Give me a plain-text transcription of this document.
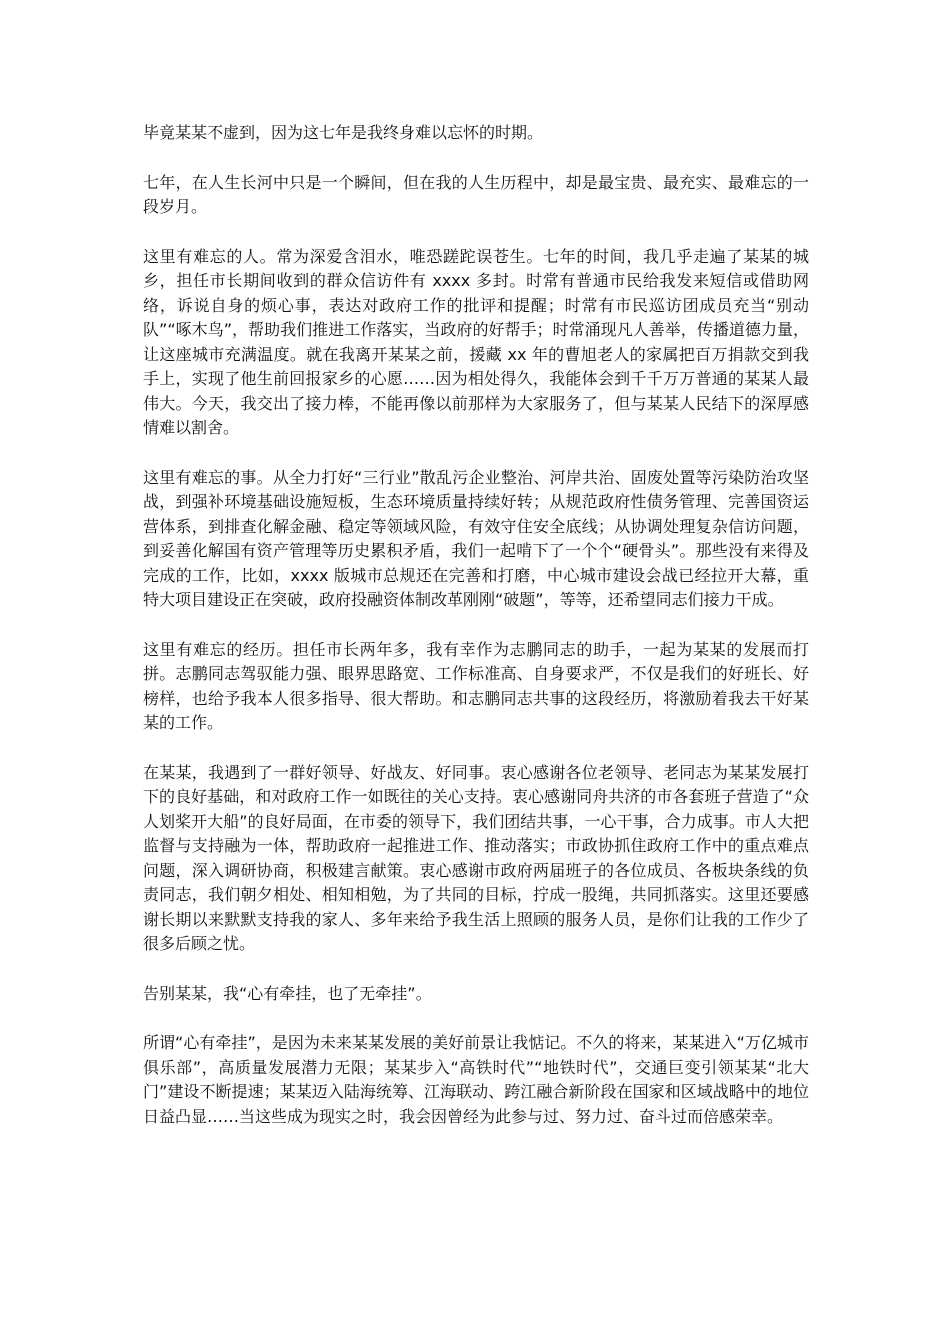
毕竟某某不虚到，因为这七年是我终身难以忘怀的时期。

七年，在人生长河中只是一个瞬间，但在我的人生历程中，却是最宝贵、最充实、最难忘的一段岁月。

这里有难忘的人。常为深爱含泪水，唯恐蹉跎误苍生。七年的时间，我几乎走遍了某某的城乡，担任市长期间收到的群众信访件有 xxxx 多封。时常有普通市民给我发来短信或借助网络，诉说自身的烦心事，表达对政府工作的批评和提醒；时常有市民巡访团成员充当“别动队”“啄木鸟”，帮助我们推进工作落实，当政府的好帮手；时常涌现凡人善举，传播道德力量，让这座城市充满温度。就在我离开某某之前，援藏 xx 年的曹旭老人的家属把百万捐款交到我手上，实现了他生前回报家乡的心愿……因为相处得久，我能体会到千千万万普通的某某人最伟大。今天，我交出了接力棒，不能再像以前那样为大家服务了，但与某某人民结下的深厚感情难以割舍。

这里有难忘的事。从全力打好“三行业”散乱污企业整治、河岸共治、固废处置等污染防治攻坚战，到强补环境基础设施短板，生态环境质量持续好转；从规范政府性债务管理、完善国资运营体系，到排查化解金融、稳定等领域风险，有效守住安全底线；从协调处理复杂信访问题，到妥善化解国有资产管理等历史累积矛盾，我们一起啃下了一个个“硬骨头”。那些没有来得及完成的工作，比如，xxxx 版城市总规还在完善和打磨，中心城市建设会战已经拉开大幕，重特大项目建设正在突破，政府投融资体制改革刚刚“破题”，等等，还希望同志们接力干成。

这里有难忘的经历。担任市长两年多，我有幸作为志鹏同志的助手，一起为某某的发展而打拼。志鹏同志驾驭能力强、眼界思路宽、工作标准高、自身要求严，不仅是我们的好班长、好榜样，也给予我本人很多指导、很大帮助。和志鹏同志共事的这段经历，将激励着我去干好某某的工作。

在某某，我遇到了一群好领导、好战友、好同事。衷心感谢各位老领导、老同志为某某发展打下的良好基础，和对政府工作一如既往的关心支持。衷心感谢同舟共济的市各套班子营造了“众人划桨开大船”的良好局面，在市委的领导下，我们团结共事，一心干事，合力成事。市人大把监督与支持融为一体，帮助政府一起推进工作、推动落实；市政协抓住政府工作中的重点难点问题，深入调研协商，积极建言献策。衷心感谢市政府两届班子的各位成员、各板块条线的负责同志，我们朝夕相处、相知相勉，为了共同的目标，拧成一股绳，共同抓落实。这里还要感谢长期以来默默支持我的家人、多年来给予我生活上照顾的服务人员，是你们让我的工作少了很多后顾之忧。

告别某某，我“心有牵挂，也了无牵挂”。

所谓“心有牵挂”，是因为未来某某发展的美好前景让我惦记。不久的将来，某某进入“万亿城市俱乐部”，高质量发展潜力无限；某某步入“高铁时代”“地铁时代”，交通巨变引领某某“北大门”建设不断提速；某某迈入陆海统筹、江海联动、跨江融合新阶段在国家和区域战略中的地位日益凸显……当这些成为现实之时，我会因曾经为此参与过、努力过、奋斗过而倍感荣幸。
